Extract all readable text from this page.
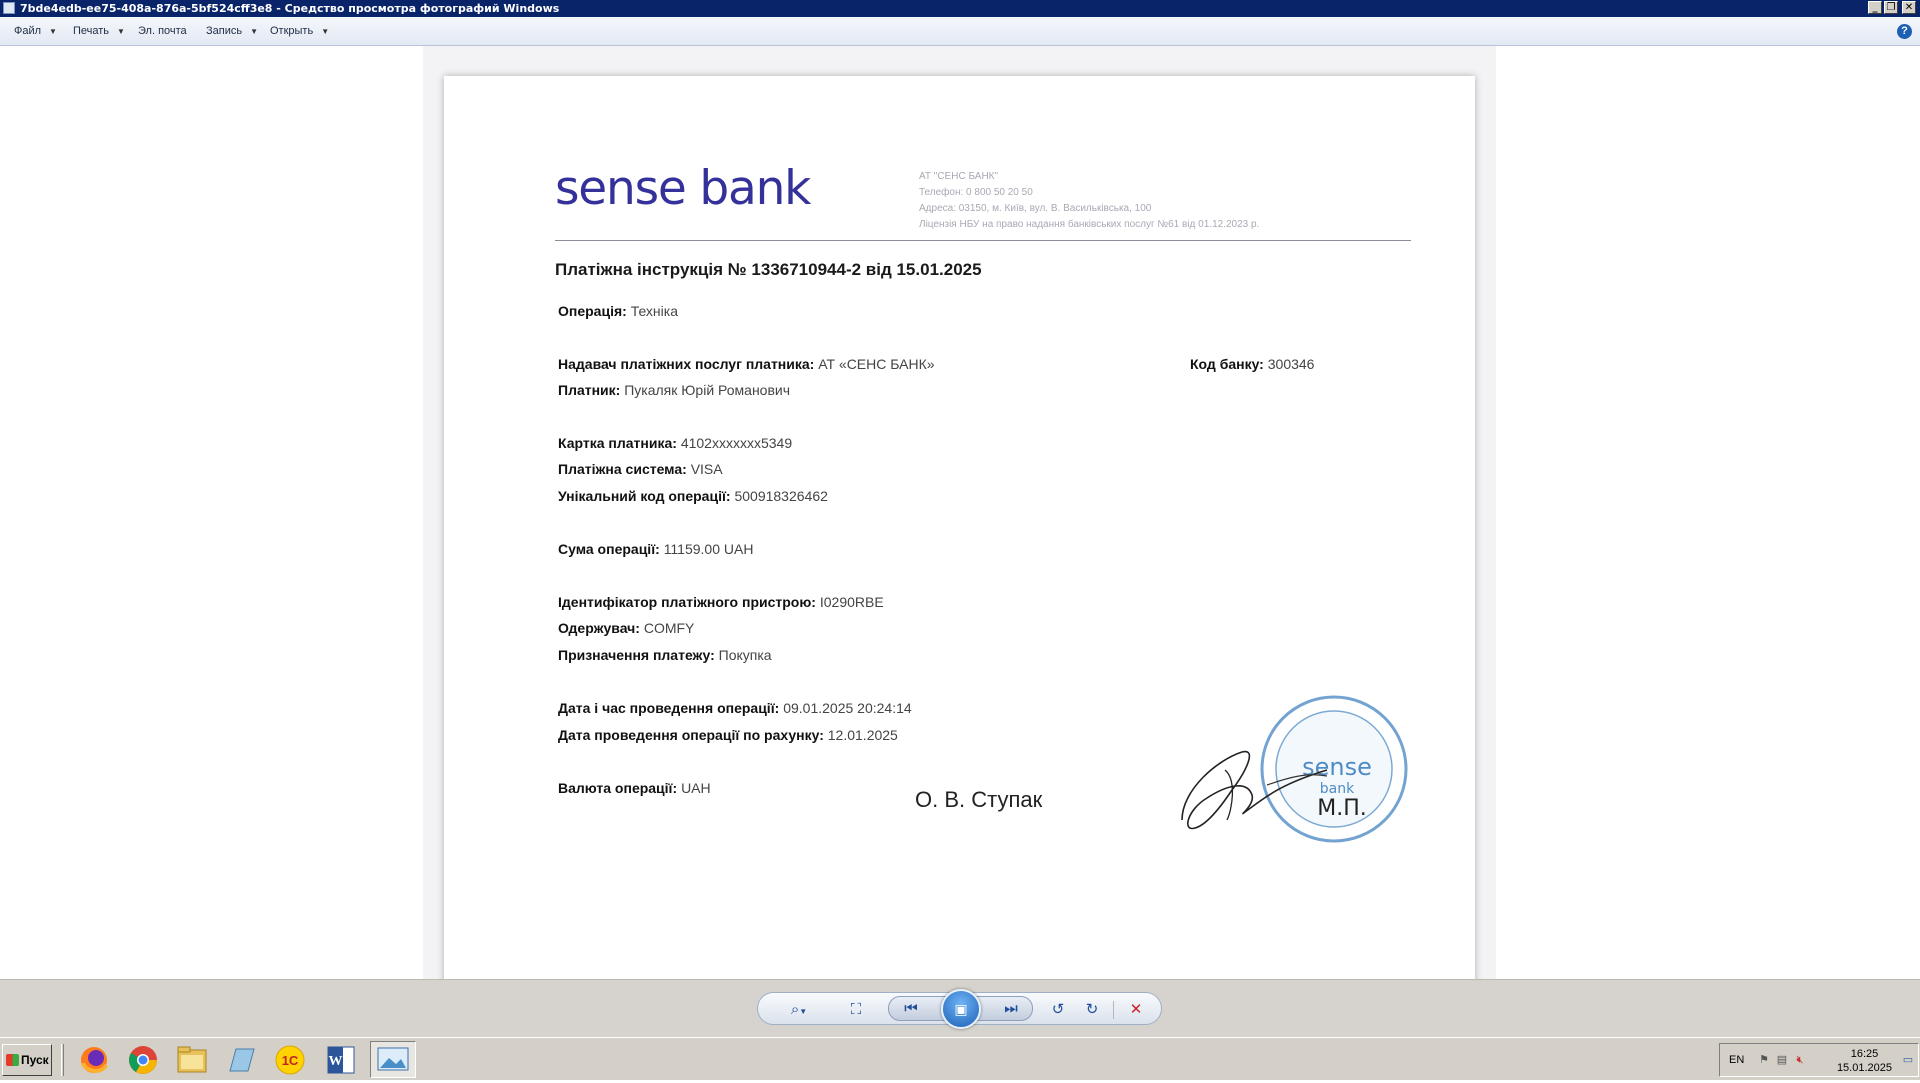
7bde4edb-ee75-408a-876a-5bf524cff3e8 - Средство просмотра фотографий Windows	_ ❐ ✕
Файл ▼ Печать ▼ Эл. почта Запись ▼ Открыть ▼	?
sense bank	АТ "СЕНС БАНК"
Телефон: 0 800 50 20 50
Адреса: 03150, м. Київ, вул. В. Васильківська, 100
Ліцензія НБУ на право надання банківських послуг №61 від 01.12.2023 р.
Платіжна інструкція № 1336710944-2 від 15.01.2025
Операція: Техніка
Надавач платіжних послуг платника: АТ «СЕНС БАНК»	Код банку: 300346
Платник: Пукаляк Юрій Романович
Картка платника: 4102xxxxxxx5349
Платіжна система: VISA
Унікальний код операції: 500918326462
Сума операції: 11159.00 UAH
Ідентифікатор платіжного пристрою: I0290RBE
Одержувач: COMFY
Призначення платежу: Покупка
Дата і час проведення операції: 09.01.2025 20:24:14
Дата проведення операції по рахунку: 12.01.2025
Валюта операції: UAH	О. В. Ступак
sense
bank
М.П.
⌕▼	⛶	⏮	⏭
▣	↺	↻	✕
Пуск	1С W	EN ⚑ ▤ 🔇︎	16:25
15.01.2025
▭
